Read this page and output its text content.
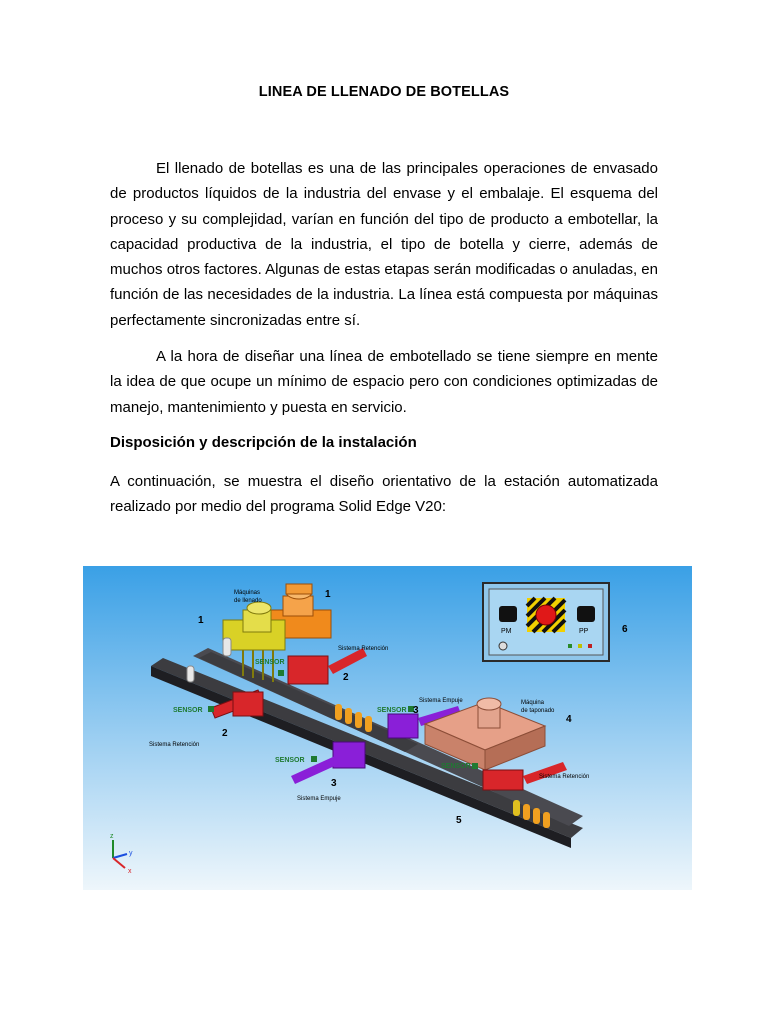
LINEA DE LLENADO DE BOTELLAS

El llenado de botellas es una de las principales operaciones de envasado de productos líquidos de la industria del envase y el embalaje. El esquema del proceso y su complejidad, varían en función del tipo de producto a embotellar, la capacidad productiva de la industria, el tipo de botella y cierre, además de muchos otros factores. Algunas de estas etapas serán modificadas o anuladas, en función de las necesidades de la industria. La línea está compuesta por máquinas perfectamente sincronizadas entre sí.

A la hora de diseñar una línea de embotellado se tiene siempre en mente la idea de que ocupe un mínimo de espacio pero con condiciones optimizadas de manejo, mantenimiento y puesta en servicio.

Disposición y descripción de la instalación

A continuación, se muestra el diseño orientativo de la estación automatizada realizado por medio del programa Solid Edge V20:

PM	PP
Máquinas
de llenado
Sistema Retención
Sistema Retención
Sistema Retención
Sistema Empuje
Sistema Empuje
Máquina
de taponado
SENSOR
SENSOR	SENSOR
SENSOR
SENSOR
1
1
2
2
3
3
4
5
6
z
y
x
